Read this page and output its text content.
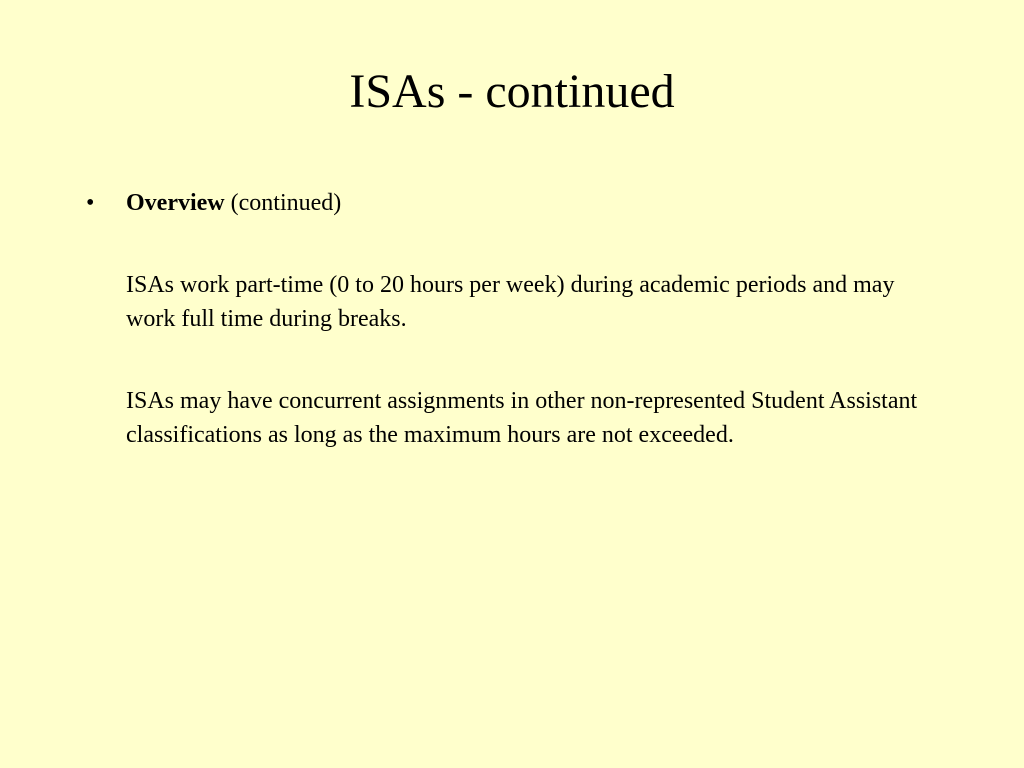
ISAs - continued
•	Overview (continued)

ISAs work part-time (0 to 20 hours per week) during academic periods and may work full time during breaks.

ISAs may have concurrent assignments in other non-represented Student Assistant classifications as long as the maximum hours are not exceeded.
